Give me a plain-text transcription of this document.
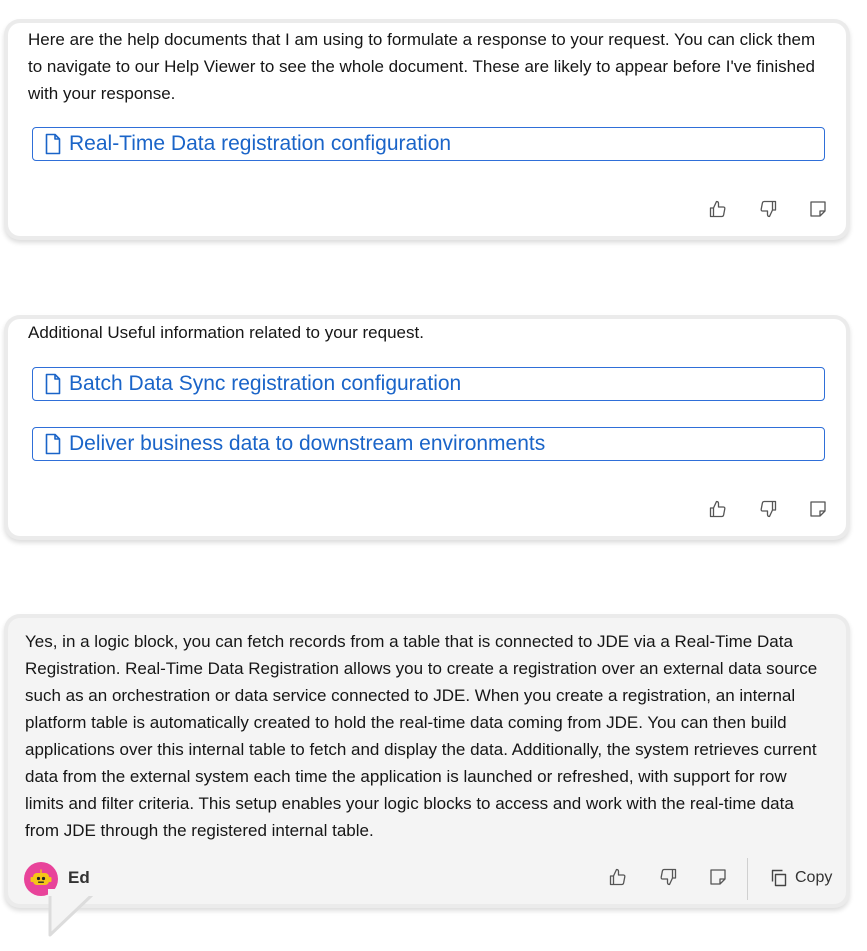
Here are the help documents that I am using to formulate a response to your request. You can click them to navigate to our Help Viewer to see the whole document. These are likely to appear before I've finished with your response.
Real-Time Data registration configuration
Additional Useful information related to your request.
Batch Data Sync registration configuration
Deliver business data to downstream environments
Yes, in a logic block, you can fetch records from a table that is connected to JDE via a Real-Time Data Registration. Real-Time Data Registration allows you to create a registration over an external data source such as an orchestration or data service connected to JDE. When you create a registration, an internal platform table is automatically created to hold the real-time data coming from JDE. You can then build applications over this internal table to fetch and display the data. Additionally, the system retrieves current data from the external system each time the application is launched or refreshed, with support for row limits and filter criteria. This setup enables your logic blocks to access and work with the real-time data from JDE through the registered internal table.
Ed	Copy
